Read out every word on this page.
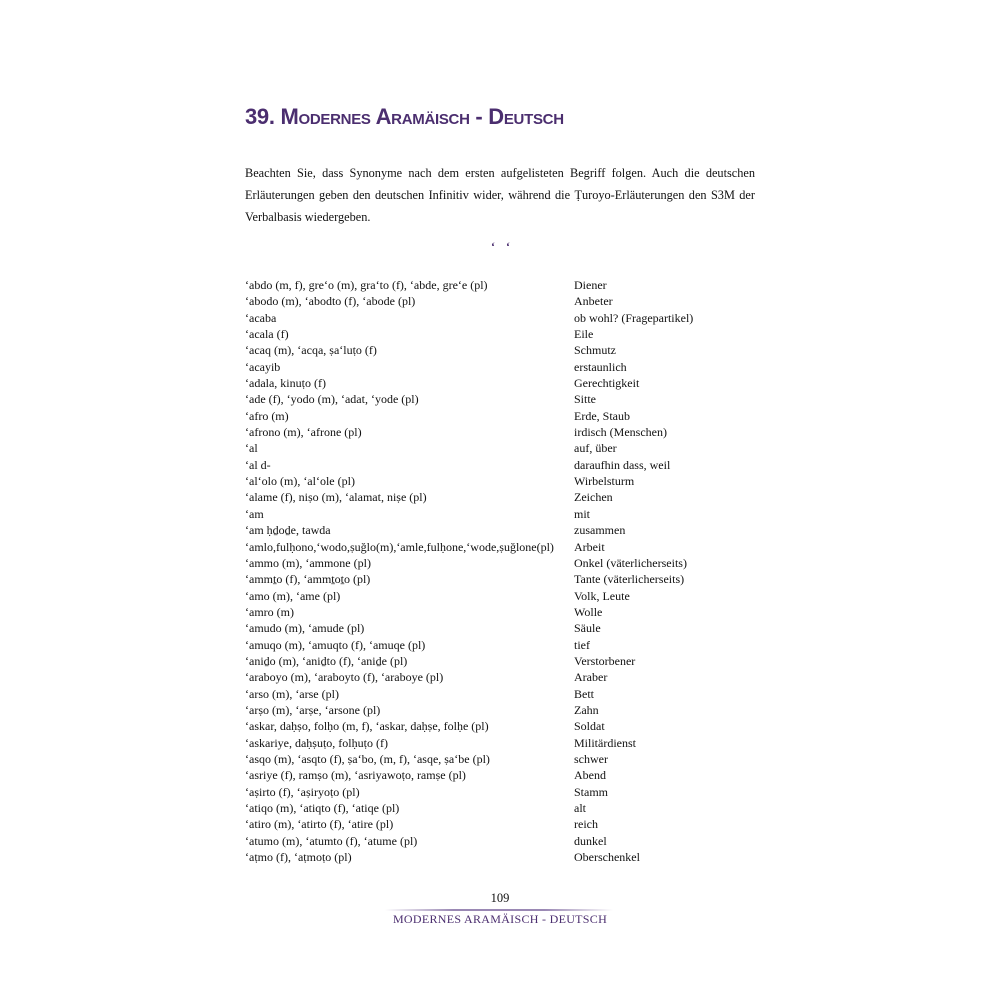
39. Modernes Aramäisch - Deutsch

Beachten Sie, dass Synonyme nach dem ersten aufgelisteten Begriff folgen. Auch die deutschen Erläuterungen geben den deutschen Infinitiv wider, während die Ṭuroyo-Erläuterungen den S3M der Verbalbasis wiedergeben.

‘ ‘
‘abdo (m, f), gre‘o (m), gra‘to (f), ‘abde, gre‘e (pl)	Diener
‘abodo (m), ‘abodto (f), ‘abode (pl)	Anbeter
‘acaba	ob wohl? (Fragepartikel)
‘acala (f)	Eile
‘acaq (m), ‘acqa, ṣa‘luṭo (f)	Schmutz
‘acayib	erstaunlich
‘adala, kinuṭo (f)	Gerechtigkeit
‘ade (f), ‘yodo (m), ‘adat, ‘yode (pl)	Sitte
‘afro (m)	Erde, Staub
‘afrono (m), ‘afrone (pl)	irdisch (Menschen)
‘al	auf, über
‘al d-	daraufhin dass, weil
‘al‘olo (m), ‘al‘ole (pl)	Wirbelsturm
‘alame (f), niṣo (m), ‘alamat, niṣe (pl)	Zeichen
‘am	mit
‘am ḥḏoḏe, tawda	zusammen
‘amlo,fulḥono,‘wodo,ṣuğlo(m),‘amle,fulḥone,‘wode,ṣuğlone(pl)	Arbeit
‘ammo (m), ‘ammone (pl)	Onkel (väterlicherseits)
‘ammṯo (f), ‘ammṯoṯo (pl)	Tante (väterlicherseits)
‘amo (m), ‘ame (pl)	Volk, Leute
‘amro (m)	Wolle
‘amudo (m), ‘amude (pl)	Säule
‘amuqo (m), ‘amuqto (f), ‘amuqe (pl)	tief
‘aniḏo (m), ‘aniḏto (f), ‘aniḏe (pl)	Verstorbener
‘araboyo (m), ‘araboyto (f), ‘araboye (pl)	Araber
‘arso (m), ‘arse (pl)	Bett
‘arṣo (m), ‘arṣe, ‘arsone (pl)	Zahn
‘askar, daḥṣo, folḥo (m, f), ‘askar, daḥṣe, folḥe (pl)	Soldat
‘askariye, daḥṣuṭo, folḥuṭo (f)	Militärdienst
‘asqo (m), ‘asqto (f), ṣa‘bo, (m, f), ‘asqe, ṣa‘be (pl)	schwer
‘asriye (f), ramṣo (m), ‘asriyawoṭo, ramṣe (pl)	Abend
‘aṣirto (f), ‘aṣiryoṭo (pl)	Stamm
‘atiqo (m), ‘atiqto (f), ‘atiqe (pl)	alt
‘atiro (m), ‘atirto (f), ‘atire (pl)	reich
‘atumo (m), ‘atumto (f), ‘atume (pl)	dunkel
‘aṭmo (f), ‘aṭmoṭo (pl)	Oberschenkel
109
MODERNES ARAMÄISCH - DEUTSCH
